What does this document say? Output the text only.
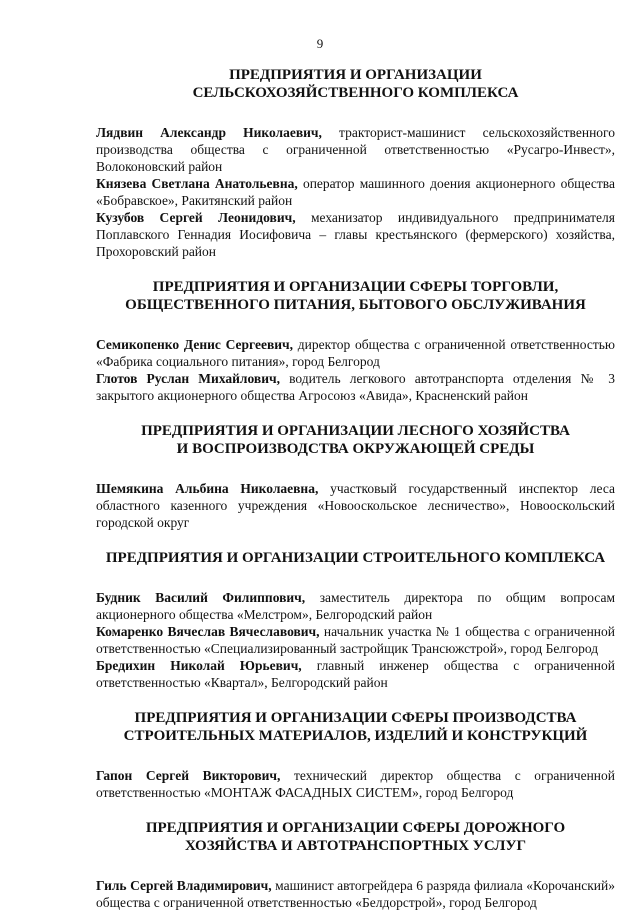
9

ПРЕДПРИЯТИЯ И ОРГАНИЗАЦИИ
СЕЛЬСКОХОЗЯЙСТВЕННОГО КОМПЛЕКСА

Лядвин Александр Николаевич, тракторист-машинист сельскохозяйственного производства общества с ограниченной ответственностью «Русагро-Инвест», Волоконовский район

Князева Светлана Анатольевна, оператор машинного доения акционерного общества «Бобравское», Ракитянский район

Кузубов Сергей Леонидович, механизатор индивидуального предпринимателя Поплавского Геннадия Иосифовича – главы крестьянского (фермерского) хозяйства, Прохоровский район

ПРЕДПРИЯТИЯ И ОРГАНИЗАЦИИ СФЕРЫ ТОРГОВЛИ,
ОБЩЕСТВЕННОГО ПИТАНИЯ, БЫТОВОГО ОБСЛУЖИВАНИЯ

Семикопенко Денис Сергеевич, директор общества с ограниченной ответственностью «Фабрика социального питания», город Белгород

Глотов Руслан Михайлович, водитель легкового автотранспорта отделения № 3 закрытого акционерного общества Агросоюз «Авида», Красненский район

ПРЕДПРИЯТИЯ И ОРГАНИЗАЦИИ ЛЕСНОГО ХОЗЯЙСТВА
И ВОСПРОИЗВОДСТВА ОКРУЖАЮЩЕЙ СРЕДЫ

Шемякина Альбина Николаевна, участковый государственный инспектор леса областного казенного учреждения «Новооскольское лесничество», Новооскольский городской округ

ПРЕДПРИЯТИЯ И ОРГАНИЗАЦИИ СТРОИТЕЛЬНОГО КОМПЛЕКСА

Будник Василий Филиппович, заместитель директора по общим вопросам акционерного общества «Мелстром», Белгородский район

Комаренко Вячеслав Вячеславович, начальник участка № 1 общества с ограниченной ответственностью «Специализированный застройщик Трансюжстрой», город Белгород

Бредихин Николай Юрьевич, главный инженер общества с ограниченной ответственностью «Квартал», Белгородский район

ПРЕДПРИЯТИЯ И ОРГАНИЗАЦИИ СФЕРЫ ПРОИЗВОДСТВА
СТРОИТЕЛЬНЫХ МАТЕРИАЛОВ, ИЗДЕЛИЙ И КОНСТРУКЦИЙ

Гапон Сергей Викторович, технический директор общества с ограниченной ответственностью «МОНТАЖ ФАСАДНЫХ СИСТЕМ», город Белгород

ПРЕДПРИЯТИЯ И ОРГАНИЗАЦИИ СФЕРЫ ДОРОЖНОГО
ХОЗЯЙСТВА И АВТОТРАНСПОРТНЫХ УСЛУГ

Гиль Сергей Владимирович, машинист автогрейдера 6 разряда филиала «Корочанский» общества с ограниченной ответственностью «Белдорстрой», город Белгород
